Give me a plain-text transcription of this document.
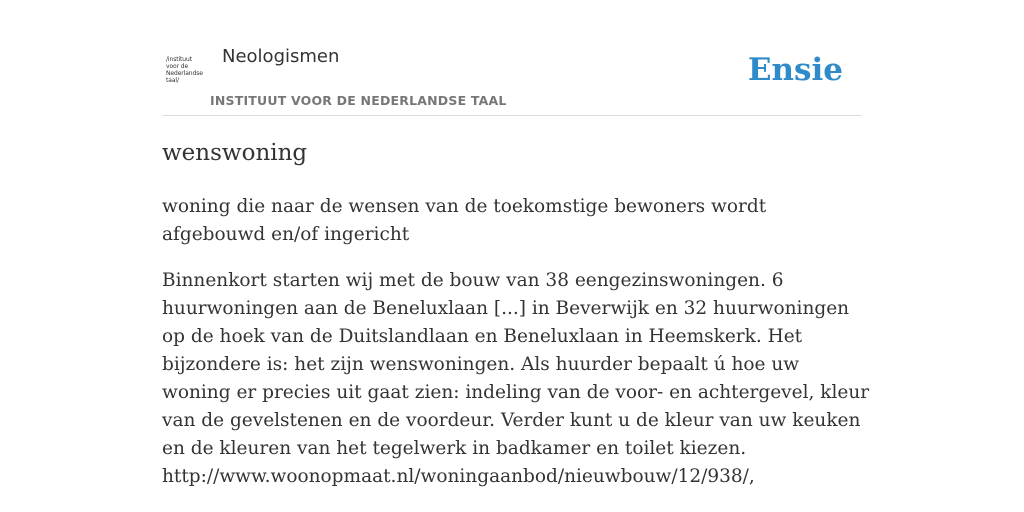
/instituut
voor de
Nederlandse
taal/
Neologismen
INSTITUUT VOOR DE NEDERLANDSE TAAL
Ensie
wenswoning
woning die naar de wensen van de toekomstige bewoners wordt afgebouwd en/of ingericht
Binnenkort starten wij met de bouw van 38 eengezinswoningen. 6 huurwoningen aan de Beneluxlaan [...] in Beverwijk en 32 huurwoningen op de hoek van de Duitslandlaan en Beneluxlaan in Heemskerk. Het bijzondere is: het zijn wenswoningen. Als huurder bepaalt ú hoe uw woning er precies uit gaat zien: indeling van de voor- en achtergevel, kleur van de gevelstenen en de voordeur. Verder kunt u de kleur van uw keuken en de kleuren van het tegelwerk in badkamer en toilet kiezen.
http://www.woonopmaat.nl/woningaanbod/nieuwbouw/12/938/,
